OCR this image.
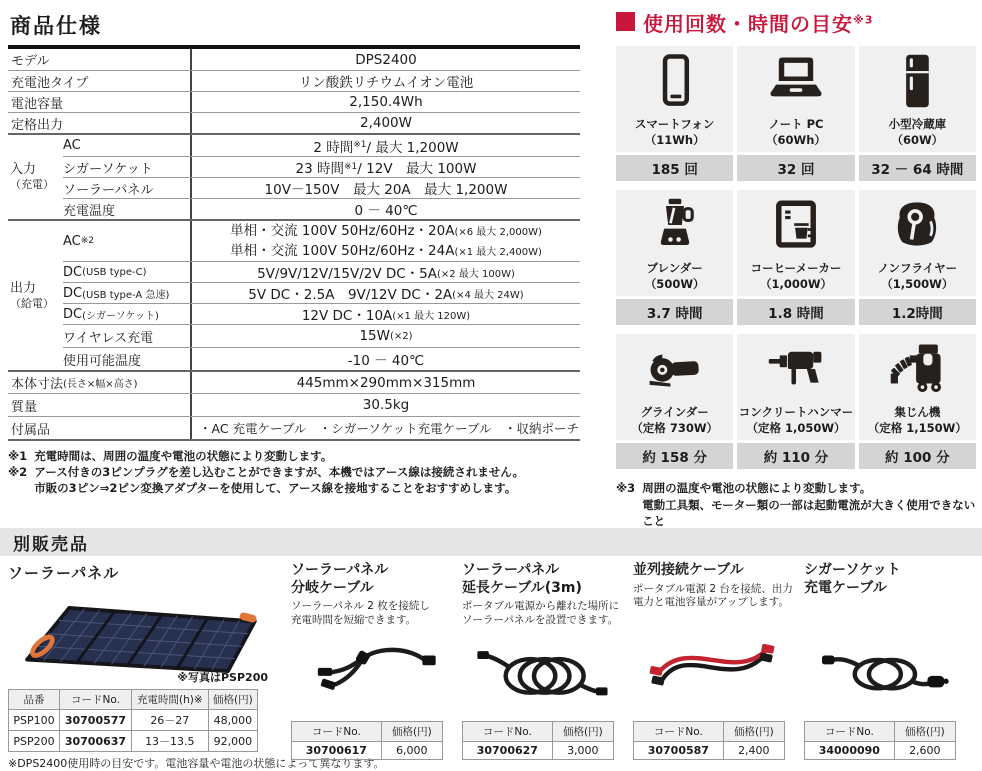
商品仕様
モデル	DPS2400
充電池タイプ	リン酸鉄リチウムイオン電池
電池容量	2,150.4Wh
定格出力	2,400W
入力
（充電）
AC	2 時間 ※1 / 最大 1,200W
シガーソケット	23 時間 ※1 / 12V　最大 100W
ソーラーパネル	10V－150V　最大 20A　最大 1,200W
充電温度	0 － 40℃
出力
（給電）
AC ※2
単相・交流 100V 50Hz/60Hz・20A(×6 最大 2,000W)
単相・交流 100V 50Hz/60Hz・24A(×1 最大 2,400W)
DC (USB type-C)	5V/9V/12V/15V/2V DC・5A (×2 最大 100W)
DC (USB type-A 急速)	5V DC・2.5A　9V/12V DC・2A (×4 最大 24W)
DC (シガーソケット)	12V DC・10A (×1 最大 120W)
ワイヤレス充電	15W (×2)
使用可能温度	-10 － 40℃
本体寸法 (長さ×幅×高さ)	445mm×290mm×315mm
質量	30.5kg
付属品	・AC 充電ケーブル　・シガーソケット充電ケーブル　・収納ポーチ
※1 充電時間は、周囲の温度や電池の状態により変動します。
※2 アース付きの3ピンプラグを差し込むことができますが、本機ではアース線は接続されません。
市販の3ピン⇒2ピン変換アダプターを使用して、アース線を接地することをおすすめします。
使用回数・時間の目安$^{※3}$
スマートフォン
（11Wh）
185 回
ノート PC
（60Wh）
32 回
小型冷蔵庫
（60W）
32 － 64 時間
ブレンダー
（500W）
3.7 時間
コーヒーメーカー
（1,000W）
1.8 時間
ノンフライヤー
（1,500W）
1.2時間
グラインダー
（定格 730W）
約 158 分
コンクリートハンマー
（定格 1,050W）
約 110 分
集じん機
（定格 1,150W）
約 100 分
※3 周囲の温度や電池の状態により変動します。
電動工具類、モーター類の一部は起動電流が大きく使用できないこと
別販売品
ソーラーパネル
※写真はPSP200
品番	コードNo.	充電時間(h)※	価格(円)
PSP100	30700577	26－27	48,000
PSP200	30700637	13－13.5	92,000
※DPS2400使用時の目安です。電池容量や電池の状態によって異なります。
ソーラーパネル
分岐ケーブル
ソーラーパネル 2 枚を接続し
充電時間を短縮できます。
コードNo.	価格(円)
30700617	6,000
ソーラーパネル
延長ケーブル(3m)
ポータブル電源から離れた場所に
ソーラーパネルを設置できます。
コードNo.	価格(円)
30700627	3,000
並列接続ケーブル
ポータブル電源 2 台を接続、出力
電力と電池容量がアップします。
コードNo.	価格(円)
30700587	2,400
シガーソケット
充電ケーブル
コードNo.	価格(円)
34000090	2,600
